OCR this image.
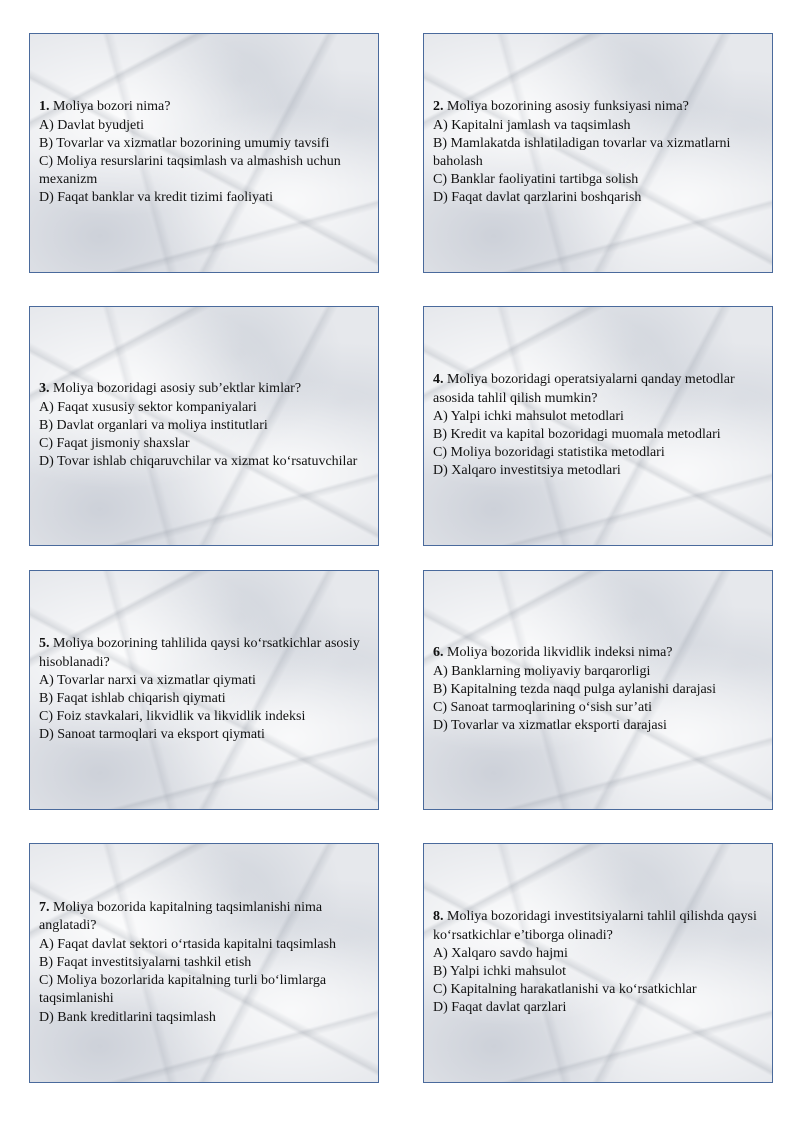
1. Moliya bozori nima?
A) Davlat byudjeti
B) Tovarlar va xizmatlar bozorining umumiy tavsifi
C) Moliya resurslarini taqsimlash va almashish uchun mexanizm
D) Faqat banklar va kredit tizimi faoliyati
2. Moliya bozorining asosiy funksiyasi nima?
A) Kapitalni jamlash va taqsimlash
B) Mamlakatda ishlatiladigan tovarlar va xizmatlarni baholash
C) Banklar faoliyatini tartibga solish
D) Faqat davlat qarzlarini boshqarish
3. Moliya bozoridagi asosiy sub’ektlar kimlar?
A) Faqat xususiy sektor kompaniyalari
B) Davlat organlari va moliya institutlari
C) Faqat jismoniy shaxslar
D) Tovar ishlab chiqaruvchilar va xizmat ko‘rsatuvchilar
4. Moliya bozoridagi operatsiyalarni qanday metodlar asosida tahlil qilish mumkin?
A) Yalpi ichki mahsulot metodlari
B) Kredit va kapital bozoridagi muomala metodlari
C) Moliya bozoridagi statistika metodlari
D) Xalqaro investitsiya metodlari
5. Moliya bozorining tahlilida qaysi ko‘rsatkichlar asosiy hisoblanadi?
A) Tovarlar narxi va xizmatlar qiymati
B) Faqat ishlab chiqarish qiymati
C) Foiz stavkalari, likvidlik va likvidlik indeksi
D) Sanoat tarmoqlari va eksport qiymati
6. Moliya bozorida likvidlik indeksi nima?
A) Banklarning moliyaviy barqarorligi
B) Kapitalning tezda naqd pulga aylanishi darajasi
C) Sanoat tarmoqlarining o‘sish sur’ati
D) Tovarlar va xizmatlar eksporti darajasi
7. Moliya bozorida kapitalning taqsimlanishi nima anglatadi?
A) Faqat davlat sektori o‘rtasida kapitalni taqsimlash
B) Faqat investitsiyalarni tashkil etish
C) Moliya bozorlarida kapitalning turli bo‘limlarga taqsimlanishi
D) Bank kreditlarini taqsimlash
8. Moliya bozoridagi investitsiyalarni tahlil qilishda qaysi ko‘rsatkichlar e’tiborga olinadi?
A) Xalqaro savdo hajmi
B) Yalpi ichki mahsulot
C) Kapitalning harakatlanishi va ko‘rsatkichlar
D) Faqat davlat qarzlari
